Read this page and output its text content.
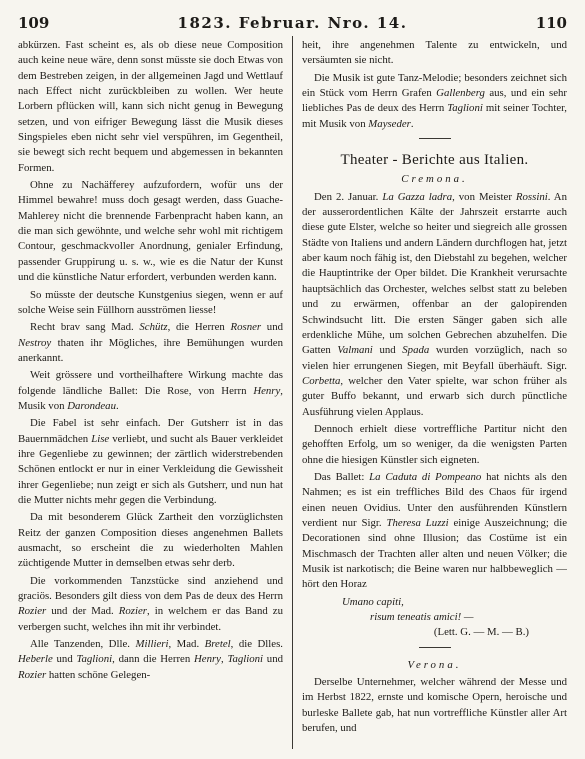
109	1823. Februar. Nro. 14.	110

abkürzen. Fast scheint es, als ob diese neue Composition auch keine neue wäre, denn sonst müsste sie doch Etwas von dem Bestreben zeigen, in der allgemeinen Jagd und Wettlauf nach Effect nicht zurückbleiben zu wollen. Wer heute Lorbern pflücken will, kann sich nicht genug in Bewegung setzen, und von eifriger Bewegung lässt die Musik dieses Singspieles eben nicht sehr viel verspühren, im Gegentheil, sie bewegt sich recht bequem und abgemessen in bekannten Formen.

Ohne zu Nachäfferey aufzufordern, wofür uns der Himmel bewahre! muss doch gesagt werden, dass Guache-Mahlerey nicht die brennende Farbenpracht haben kann, an die man sich gewöhnte, und welche sehr wohl mit richtigem Contour, geschmackvoller Anordnung, genialer Erfindung, passender Gruppirung u. s. w., wie es die Natur der Kunst und die künstliche Natur erfordert, verbunden werden kann.

So müsste der deutsche Kunstgenius siegen, wenn er auf solche Weise sein Füllhorn ausströmen liesse!

Recht brav sang Mad. Schütz, die Herren Rosner und Nestroy thaten ihr Mögliches, ihre Bemühungen wurden anerkannt.

Weit grössere und vortheilhaftere Wirkung machte das folgende ländliche Ballet: Die Rose, von Herrn Henry, Musik von Darondeau.

Die Fabel ist sehr einfach. Der Gutsherr ist in das Bauernmädchen Lise verliebt, und sucht als Bauer verkleidet ihre Gegenliebe zu gewinnen; der zärtlich widerstrebenden Schönen entlockt er nur in einer Verkleidung die Gewissheit ihrer Gegenliebe; nun zeigt er sich als Gutsherr, und nun hat die Mutter nichts mehr gegen die Verbindung.

Da mit besonderem Glück Zartheit den vorzüglichsten Reitz der ganzen Composition dieses angenehmen Ballets ausmacht, so erscheint die zu wiederholten Mahlen züchtigende Mutter in demselben etwas sehr derb.

Die vorkommenden Tanzstücke sind anziehend und graciös. Besonders gilt diess von dem Pas de deux des Herrn Rozier und der Mad. Rozier, in welchem er das Band zu verbergen sucht, welches ihn mit ihr verbindet.

Alle Tanzenden, Dlle. Millieri, Mad. Bretel, die Dlles. Heberle und Taglioni, dann die Herren Henry, Taglioni und Rozier hatten schöne Gelegen-

heit, ihre angenehmen Talente zu entwickeln, und versäumten sie nicht.

Die Musik ist gute Tanz-Melodie; besonders zeichnet sich ein Stück vom Herrn Grafen Gallenberg aus, und ein sehr liebliches Pas de deux des Herrn Taglioni mit seiner Tochter, mit Musik von Mayseder.

Theater - Berichte aus Italien.
Cremona.

Den 2. Januar. La Gazza ladra, von Meister Rossini. An der ausserordentlichen Kälte der Jahrszeit erstarrte auch diese gute Elster, welche so heiter und siegreich alle grossen Städte von Italiens und andern Ländern durchflogen hat, jetzt aber kaum noch fähig ist, den Diebstahl zu begehen, welcher die Hauptintrike der Oper bildet. Die Krankheit verursachte hauptsächlich das Orchester, welches selbst statt zu beleben und zu erwärmen, offenbar an der galopirenden Schwindsucht litt. Die ersten Sänger gaben sich alle erdenkliche Mühe, um solchen Gebrechen abzuhelfen. Die Gatten Valmani und Spada wurden vorzüglich, nach so vielen hier errungenen Siegen, mit Beyfall überhäuft. Sigr. Corbetta, welcher den Vater spielte, war schon früher als guter Buffo bekannt, und erwarb sich durch pünctliche Ausführung vielen Applaus.

Dennoch erhielt diese vortreffliche Partitur nicht den gehofften Erfolg, um so weniger, da die wenigsten Parten ohne die hiesigen Künstler sich eigneten.

Das Ballet: La Caduta di Pompeano hat nichts als den Nahmen; es ist ein treffliches Bild des Chaos für irgend einen neuen Ovidius. Unter den ausführenden Künstlern verdient nur Sigr. Theresa Luzzi einige Auszeichnung; die Decorationen sind ohne Illusion; das Costüme ist ein Mischmasch der Trachten aller alten und neuen Völker; die Musik ist narkotisch; die Beine waren nur halbbeweglich — hört den Horaz

Umano capiti,
risum teneatis amici! —
(Lett. G. — M. — B.)
Verona.

Derselbe Unternehmer, welcher während der Messe und im Herbst 1822, ernste und komische Opern, heroische und burleske Ballete gab, hat nun vortreffliche Künstler aller Art berufen, und
